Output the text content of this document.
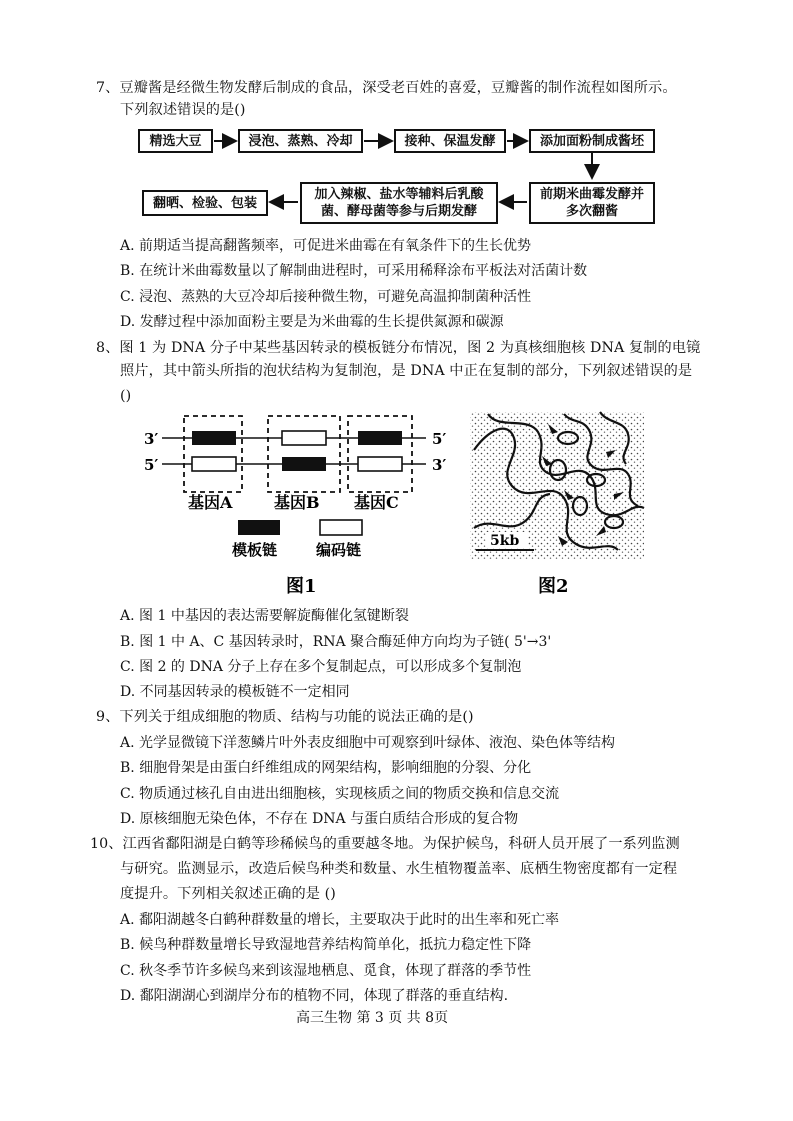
7、豆瓣酱是经微生物发酵后制成的食品，深受老百姓的喜爱，豆瓣酱的制作流程如图所示。
下列叙述错误的是()
精选大豆	浸泡、蒸熟、冷却	接种、保温发酵	添加面粉制成酱坯
前期米曲霉发酵并
多次翻酱
加入辣椒、盐水等辅料后乳酸
菌、酵母菌等参与后期发酵
翻晒、检验、包装
A. 前期适当提高翻酱频率，可促进米曲霉在有氧条件下的生长优势
B. 在统计米曲霉数量以了解制曲进程时，可采用稀释涂布平板法对活菌计数
C. 浸泡、蒸熟的大豆冷却后接种微生物，可避免高温抑制菌种活性
D. 发酵过程中添加面粉主要是为米曲霉的生长提供氮源和碳源
8、图 1 为 DNA 分子中某些基因转录的模板链分布情况，图 2 为真核细胞核 DNA 复制的电镜
照片，其中箭头所指的泡状结构为复制泡，是 DNA 中正在复制的部分，下列叙述错误的是
()
3′	5′
5′	3′
基因A	基因B 基因C
模板链	编码链
图1
5kb
图2
A. 图 1 中基因的表达需要解旋酶催化氢键断裂
B. 图 1 中 A、C 基因转录时，RNA 聚合酶延伸方向均为子链( 5'→3'
C. 图 2 的 DNA 分子上存在多个复制起点，可以形成多个复制泡
D. 不同基因转录的模板链不一定相同
9、下列关于组成细胞的物质、结构与功能的说法正确的是()
A. 光学显微镜下洋葱鳞片叶外表皮细胞中可观察到叶绿体、液泡、染色体等结构
B. 细胞骨架是由蛋白纤维组成的网架结构，影响细胞的分裂、分化
C. 物质通过核孔自由进出细胞核，实现核质之间的物质交换和信息交流
D. 原核细胞无染色体，不存在 DNA 与蛋白质结合形成的复合物
10、江西省鄱阳湖是白鹤等珍稀候鸟的重要越冬地。为保护候鸟，科研人员开展了一系列监测
与研究。监测显示，改造后候鸟种类和数量、水生植物覆盖率、底栖生物密度都有一定程
度提升。下列相关叙述正确的是 ()
A. 鄱阳湖越冬白鹤种群数量的增长，主要取决于此时的出生率和死亡率
B. 候鸟种群数量增长导致湿地营养结构简单化，抵抗力稳定性下降
C. 秋冬季节许多候鸟来到该湿地栖息、觅食，体现了群落的季节性
D. 鄱阳湖湖心到湖岸分布的植物不同，体现了群落的垂直结构.
高三生物 第 3 页 共 8页
